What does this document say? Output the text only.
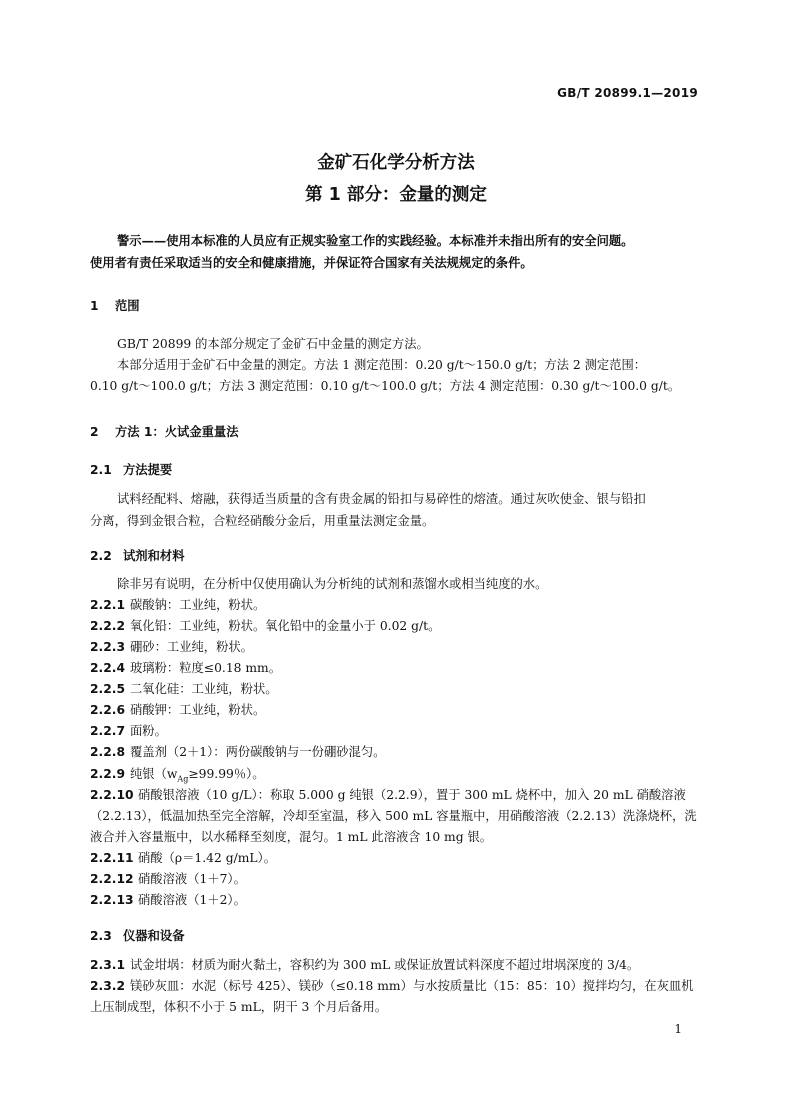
GB/T 20899.1—2019
金矿石化学分析方法
第 1 部分：金量的测定
警示——使用本标准的人员应有正规实验室工作的实践经验。本标准并未指出所有的安全问题。
使用者有责任采取适当的安全和健康措施，并保证符合国家有关法规规定的条件。
1 范围
GB/T 20899 的本部分规定了金矿石中金量的测定方法。
本部分适用于金矿石中金量的测定。方法 1 测定范围：0.20 g/t～150.0 g/t；方法 2 测定范围：
0.10 g/t～100.0 g/t；方法 3 测定范围：0.10 g/t～100.0 g/t；方法 4 测定范围：0.30 g/t～100.0 g/t。
2 方法 1：火试金重量法
2.1 方法提要
试料经配料、熔融，获得适当质量的含有贵金属的铅扣与易碎性的熔渣。通过灰吹使金、银与铅扣
分离，得到金银合粒，合粒经硝酸分金后，用重量法测定金量。
2.2 试剂和材料
除非另有说明，在分析中仅使用确认为分析纯的试剂和蒸馏水或相当纯度的水。
2.2.1 碳酸钠：工业纯，粉状。
2.2.2 氧化铅：工业纯，粉状。氧化铅中的金量小于 0.02 g/t。
2.2.3 硼砂：工业纯，粉状。
2.2.4 玻璃粉：粒度≤0.18 mm。
2.2.5 二氧化硅：工业纯，粉状。
2.2.6 硝酸钾：工业纯，粉状。
2.2.7 面粉。
2.2.8 覆盖剂（2＋1）：两份碳酸钠与一份硼砂混匀。
2.2.9 纯银（$w_{Ag}\ge 99.99$％）。
2.2.10 硝酸银溶液（10 g/L）：称取 5.000 g 纯银（2.2.9），置于 300 mL 烧杯中，加入 20 mL 硝酸溶液
（2.2.13），低温加热至完全溶解，冷却至室温，移入 500 mL 容量瓶中，用硝酸溶液（2.2.13）洗涤烧杯，洗
液合并入容量瓶中，以水稀释至刻度，混匀。1 mL 此溶液含 10 mg 银。
2.2.11 硝酸（ρ＝1.42 g/mL）。
2.2.12 硝酸溶液（1＋7）。
2.2.13 硝酸溶液（1＋2）。
2.3 仪器和设备
2.3.1 试金坩埚：材质为耐火黏土，容积约为 300 mL 或保证放置试料深度不超过坩埚深度的 3/4。
2.3.2 镁砂灰皿：水泥（标号 425）、镁砂（≤0.18 mm）与水按质量比（15：85：10）搅拌均匀，在灰皿机
上压制成型，体积不小于 5 mL，阴干 3 个月后备用。
1
